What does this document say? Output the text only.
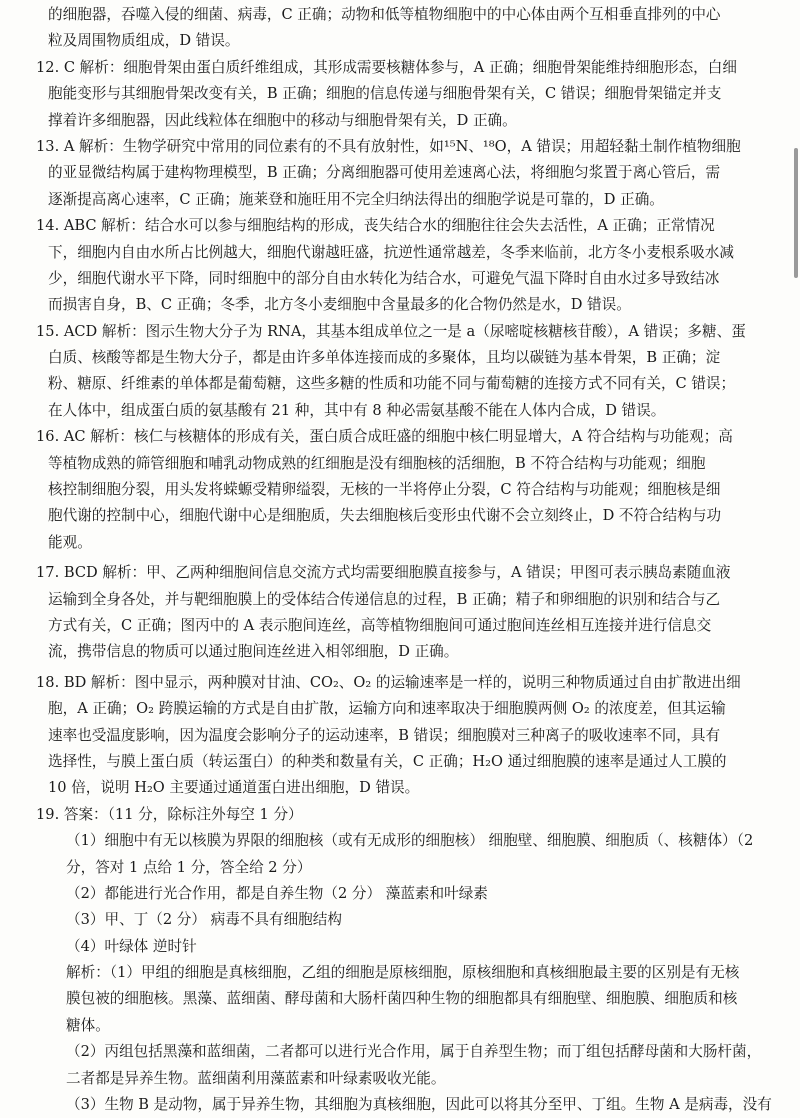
的细胞器，吞噬入侵的细菌、病毒，C 正确；动物和低等植物细胞中的中心体由两个互相垂直排列的中心
粒及周围物质组成，D 错误。
12. C 解析：细胞骨架由蛋白质纤维组成，其形成需要核糖体参与，A 正确；细胞骨架能维持细胞形态，白细
胞能变形与其细胞骨架改变有关，B 正确；细胞的信息传递与细胞骨架有关，C 错误；细胞骨架锚定并支
撑着许多细胞器，因此线粒体在细胞中的移动与细胞骨架有关，D 正确。
13. A 解析：生物学研究中常用的同位素有的不具有放射性，如¹⁵N、¹⁸O，A 错误；用超轻黏土制作植物细胞
的亚显微结构属于建构物理模型，B 正确；分离细胞器可使用差速离心法，将细胞匀浆置于离心管后，需
逐渐提高离心速率，C 正确；施莱登和施旺用不完全归纳法得出的细胞学说是可靠的，D 正确。
14. ABC 解析：结合水可以参与细胞结构的形成，丧失结合水的细胞往往会失去活性，A 正确；正常情况
下，细胞内自由水所占比例越大，细胞代谢越旺盛，抗逆性通常越差，冬季来临前，北方冬小麦根系吸水减
少，细胞代谢水平下降，同时细胞中的部分自由水转化为结合水，可避免气温下降时自由水过多导致结冰
而损害自身，B、C 正确；冬季，北方冬小麦细胞中含量最多的化合物仍然是水，D 错误。
15. ACD 解析：图示生物大分子为 RNA，其基本组成单位之一是 a（尿嘧啶核糖核苷酸），A 错误；多糖、蛋
白质、核酸等都是生物大分子，都是由许多单体连接而成的多聚体，且均以碳链为基本骨架，B 正确；淀
粉、糖原、纤维素的单体都是葡萄糖，这些多糖的性质和功能不同与葡萄糖的连接方式不同有关，C 错误；
在人体中，组成蛋白质的氨基酸有 21 种，其中有 8 种必需氨基酸不能在人体内合成，D 错误。
16. AC 解析：核仁与核糖体的形成有关，蛋白质合成旺盛的细胞中核仁明显增大，A 符合结构与功能观；高
等植物成熟的筛管细胞和哺乳动物成熟的红细胞是没有细胞核的活细胞，B 不符合结构与功能观；细胞
核控制细胞分裂，用头发将蝾螈受精卵缢裂，无核的一半将停止分裂，C 符合结构与功能观；细胞核是细
胞代谢的控制中心，细胞代谢中心是细胞质，失去细胞核后变形虫代谢不会立刻终止，D 不符合结构与功
能观。
17. BCD 解析：甲、乙两种细胞间信息交流方式均需要细胞膜直接参与，A 错误；甲图可表示胰岛素随血液
运输到全身各处，并与靶细胞膜上的受体结合传递信息的过程，B 正确；精子和卵细胞的识别和结合与乙
方式有关，C 正确；图丙中的 A 表示胞间连丝，高等植物细胞间可通过胞间连丝相互连接并进行信息交
流，携带信息的物质可以通过胞间连丝进入相邻细胞，D 正确。
18. BD 解析：图中显示，两种膜对甘油、CO₂、O₂ 的运输速率是一样的，说明三种物质通过自由扩散进出细
胞，A 正确；O₂ 跨膜运输的方式是自由扩散，运输方向和速率取决于细胞膜两侧 O₂ 的浓度差，但其运输
速率也受温度影响，因为温度会影响分子的运动速率，B 错误；细胞膜对三种离子的吸收速率不同，具有
选择性，与膜上蛋白质（转运蛋白）的种类和数量有关，C 正确；H₂O 通过细胞膜的速率是通过人工膜的
10 倍，说明 H₂O 主要通过通道蛋白进出细胞，D 错误。
19. 答案：（11 分，除标注外每空 1 分）
（1）细胞中有无以核膜为界限的细胞核（或有无成形的细胞核） 细胞壁、细胞膜、细胞质（、核糖体）（2
分，答对 1 点给 1 分，答全给 2 分）
（2）都能进行光合作用，都是自养生物（2 分） 藻蓝素和叶绿素
（3）甲、丁（2 分） 病毒不具有细胞结构
（4）叶绿体 逆时针
解析：（1）甲组的细胞是真核细胞，乙组的细胞是原核细胞，原核细胞和真核细胞最主要的区别是有无核
膜包被的细胞核。黑藻、蓝细菌、酵母菌和大肠杆菌四种生物的细胞都具有细胞壁、细胞膜、细胞质和核
糖体。
（2）丙组包括黑藻和蓝细菌，二者都可以进行光合作用，属于自养型生物；而丁组包括酵母菌和大肠杆菌，
二者都是异养生物。蓝细菌利用藻蓝素和叶绿素吸收光能。
（3）生物 B 是动物，属于异养生物，其细胞为真核细胞，因此可以将其分至甲、丁组。生物 A 是病毒，没有
